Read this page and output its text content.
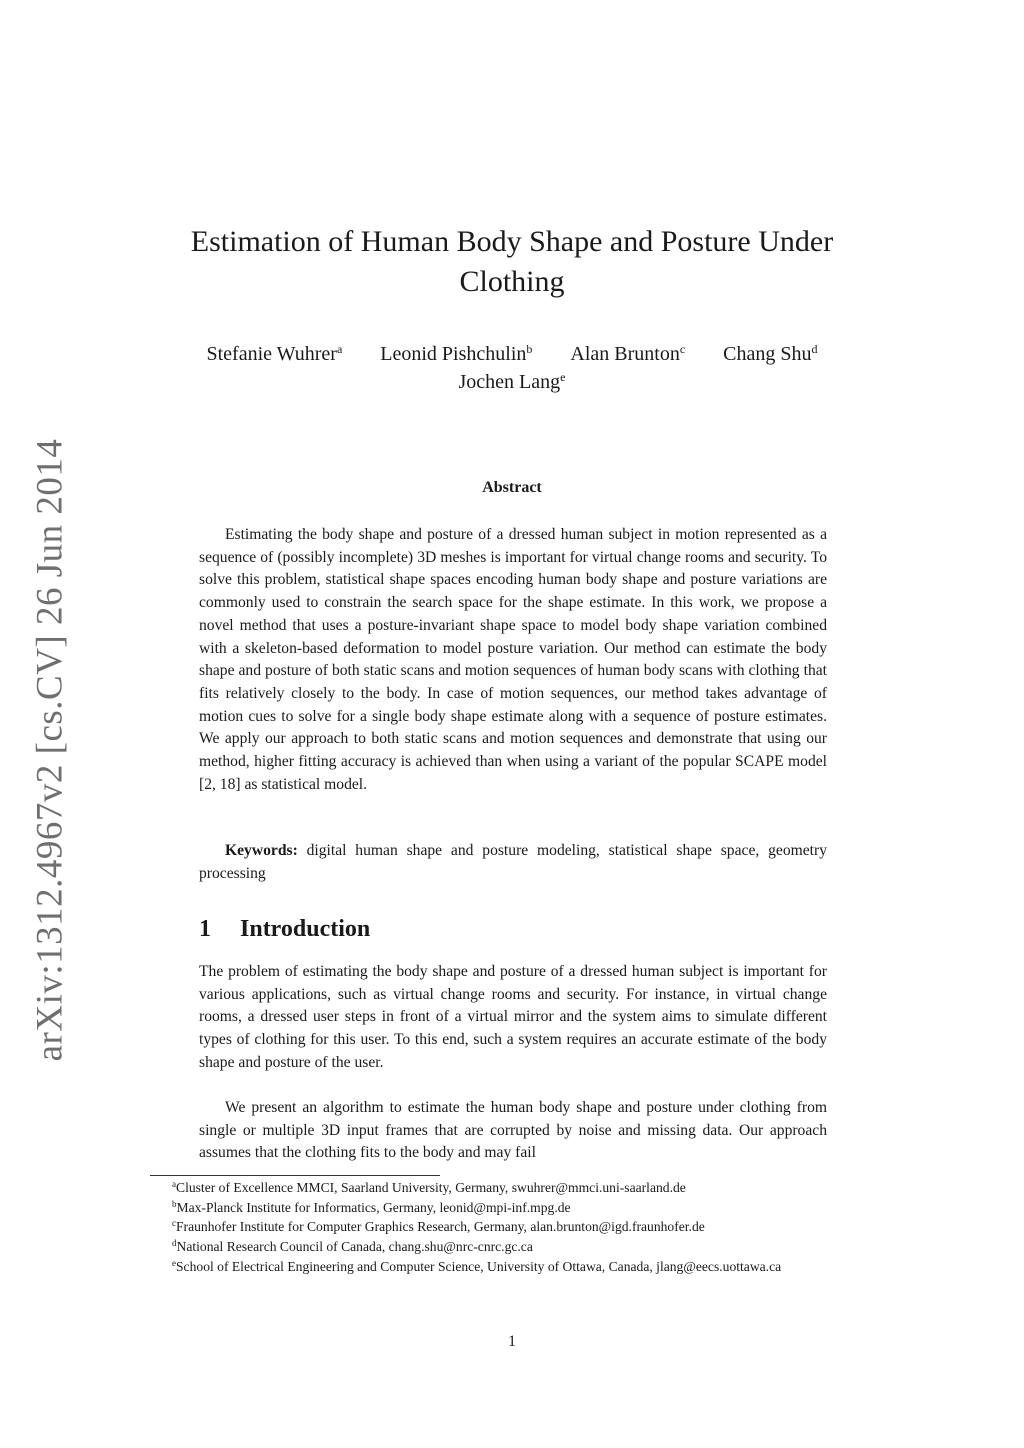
arXiv:1312.4967v2 [cs.CV] 26 Jun 2014
Estimation of Human Body Shape and Posture Under Clothing
Stefanie Wuhrer$^a$ Leonid Pishchulin$^b$ Alan Brunton$^c$ Chang Shu$^d$
Jochen Lang$^e$
Abstract

Estimating the body shape and posture of a dressed human subject in motion represented as a sequence of (possibly incomplete) 3D meshes is important for virtual change rooms and security. To solve this problem, statistical shape spaces encoding human body shape and posture variations are commonly used to constrain the search space for the shape estimate. In this work, we propose a novel method that uses a posture-invariant shape space to model body shape variation combined with a skeleton-based deformation to model posture variation. Our method can estimate the body shape and posture of both static scans and motion sequences of human body scans with clothing that fits relatively closely to the body. In case of motion sequences, our method takes advantage of motion cues to solve for a single body shape estimate along with a sequence of posture estimates. We apply our approach to both static scans and motion sequences and demonstrate that using our method, higher fitting accuracy is achieved than when using a variant of the popular SCAPE model [2, 18] as statistical model.

Keywords: digital human shape and posture modeling, statistical shape space, geometry processing

1 Introduction

The problem of estimating the body shape and posture of a dressed human subject is important for various applications, such as virtual change rooms and security. For instance, in virtual change rooms, a dressed user steps in front of a virtual mirror and the system aims to simulate different types of clothing for this user. To this end, such a system requires an accurate estimate of the body shape and posture of the user.

We present an algorithm to estimate the human body shape and posture under clothing from single or multiple 3D input frames that are corrupted by noise and missing data. Our approach assumes that the clothing fits to the body and may fail

$^a$Cluster of Excellence MMCI, Saarland University, Germany, swuhrer@mmci.uni-saarland.de

$^b$Max-Planck Institute for Informatics, Germany, leonid@mpi-inf.mpg.de

$^c$Fraunhofer Institute for Computer Graphics Research, Germany, alan.brunton@igd.fraunhofer.de

$^d$National Research Council of Canada, chang.shu@nrc-cnrc.gc.ca

$^e$School of Electrical Engineering and Computer Science, University of Ottawa, Canada, jlang@eecs.uottawa.ca

1
